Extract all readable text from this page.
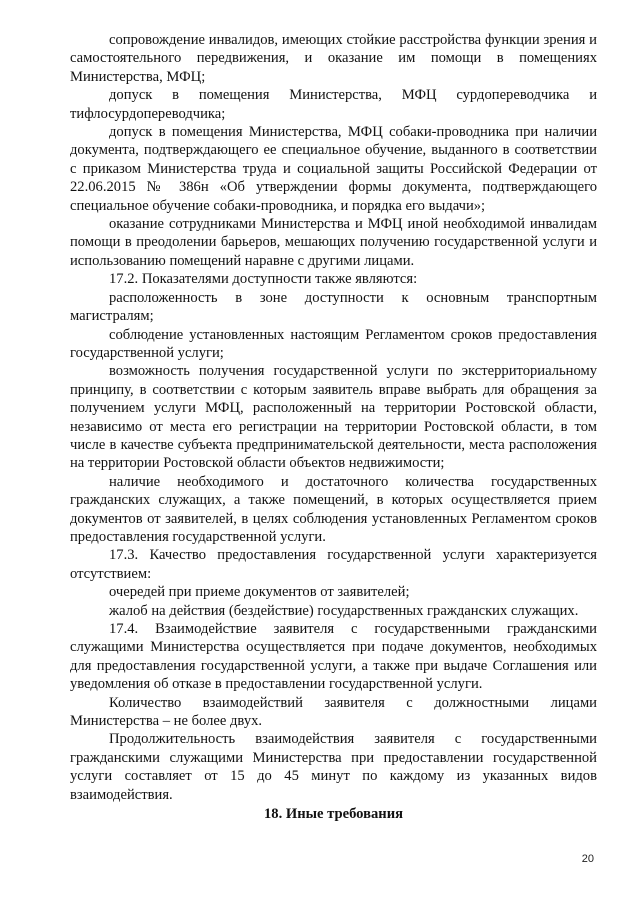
сопровождение инвалидов, имеющих стойкие расстройства функции зрения и самостоятельного передвижения, и оказание им помощи в помещениях Министерства, МФЦ;

допуск в помещения Министерства, МФЦ сурдопереводчика и тифлосурдопереводчика;

допуск в помещения Министерства, МФЦ собаки-проводника при наличии документа, подтверждающего ее специальное обучение, выданного в соответствии с приказом Министерства труда и социальной защиты Российской Федерации от 22.06.2015 № 386н «Об утверждении формы документа, подтверждающего специальное обучение собаки-проводника, и порядка его выдачи»;

оказание сотрудниками Министерства и МФЦ иной необходимой инвалидам помощи в преодолении барьеров, мешающих получению государственной услуги и использованию помещений наравне с другими лицами.

17.2. Показателями доступности также являются:

расположенность в зоне доступности к основным транспортным магистралям;

соблюдение установленных настоящим Регламентом сроков предоставления государственной услуги;

возможность получения государственной услуги по экстерриториальному принципу, в соответствии с которым заявитель вправе выбрать для обращения за получением услуги МФЦ, расположенный на территории Ростовской области, независимо от места его регистрации на территории Ростовской области, в том числе в качестве субъекта предпринимательской деятельности, места расположения на территории Ростовской области объектов недвижимости;

наличие необходимого и достаточного количества государственных гражданских служащих, а также помещений, в которых осуществляется прием документов от заявителей, в целях соблюдения установленных Регламентом сроков предоставления государственной услуги.

17.3. Качество предоставления государственной услуги характеризуется отсутствием:

очередей при приеме документов от заявителей;

жалоб на действия (бездействие) государственных гражданских служащих.

17.4. Взаимодействие заявителя с государственными гражданскими служащими Министерства осуществляется при подаче документов, необходимых для предоставления государственной услуги, а также при выдаче Соглашения или уведомления об отказе в предоставлении государственной услуги.

Количество взаимодействий заявителя с должностными лицами Министерства – не более двух.

Продолжительность взаимодействия заявителя с государственными гражданскими служащими Министерства при предоставлении государственной услуги составляет от 15 до 45 минут по каждому из указанных видов взаимодействия.

18. Иные требования
20
